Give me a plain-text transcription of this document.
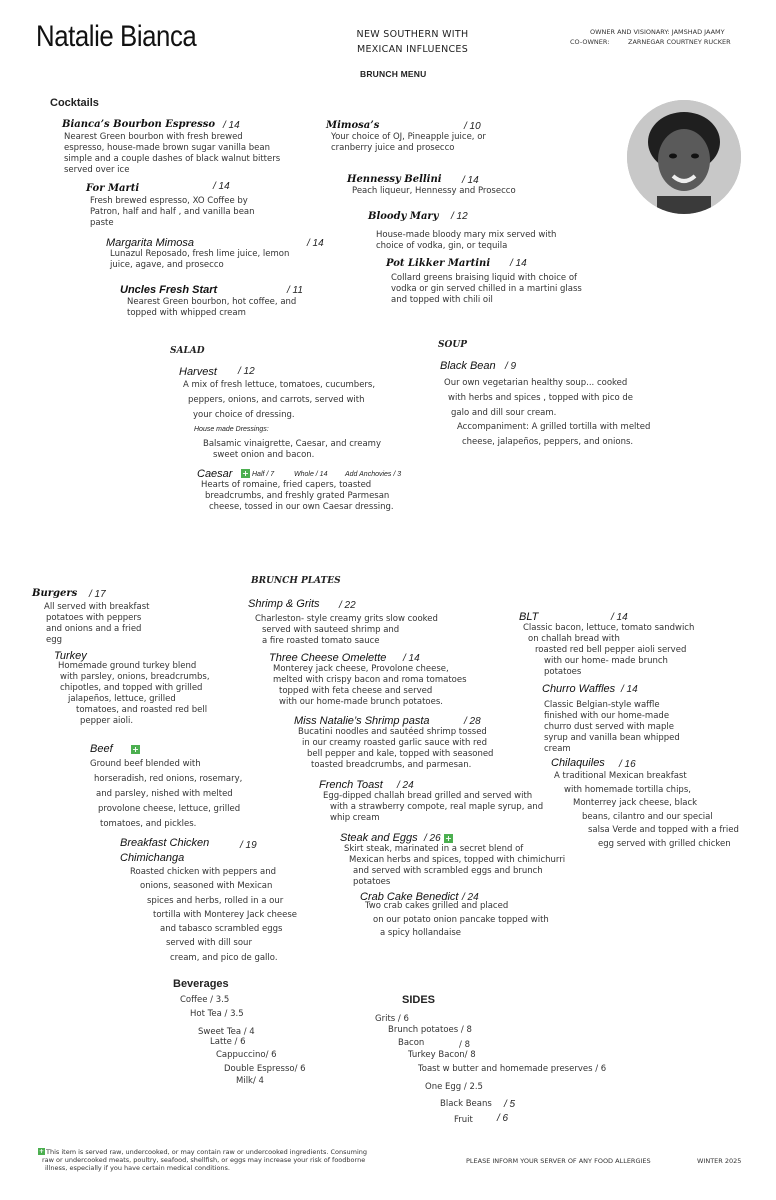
Natalie Bianca	NEW SOUTHERN WITH
MEXICAN INFLUENCES
OWNER AND VISIONARY: JAMSHAD JAAMY
CO-OWNER:	ZARNEGAR COURTNEY RUCKER
BRUNCH MENU
Cocktails
Bianca’s Bourbon Espresso / 14
Nearest Green bourbon with fresh brewed
espresso, house-made brown sugar vanilla bean
simple and a couple dashes of black walnut bitters
served over ice
For Marti	/ 14
Fresh brewed espresso, XO Coffee by
Patron, half and half , and vanilla bean
paste
Margarita Mimosa	/ 14
Lunazul Reposado, fresh lime juice, lemon
juice, agave, and prosecco
Uncles Fresh Start	/ 11
Nearest Green bourbon, hot coffee, and
topped with whipped cream
Mimosa’s	/ 10
Your choice of OJ, Pineapple juice, or
cranberry juice and prosecco
Hennessy Bellini / 14
Peach liqueur, Hennessy and Prosecco
Bloody Mary / 12
House-made bloody mary mix served with
choice of vodka, gin, or tequila
Pot Likker Martini / 14
Collard greens braising liquid with choice of
vodka or gin served chilled in a martini glass
and topped with chili oil
SALAD
Harvest / 12
A mix of fresh lettuce, tomatoes, cucumbers,
peppers, onions, and carrots, served with
your choice of dressing.
House made Dressings:
Balsamic vinaigrette, Caesar, and creamy
sweet onion and bacon.
Caesar + Half / 7	Whole / 14	Add Anchovies / 3
Hearts of romaine, fried capers, toasted
breadcrumbs, and freshly grated Parmesan
cheese, tossed in our own Caesar dressing.
SOUP
Black Bean / 9
Our own vegetarian healthy soup... cooked
with herbs and spices , topped with pico de
galo and dill sour cream.
Accompaniment: A grilled tortilla with melted
cheese, jalapeños, peppers, and onions.
Burgers / 17
All served with breakfast
potatoes with peppers
and onions and a fried
egg
Turkey
Homemade ground turkey blend
with parsley, onions, breadcrumbs,
chipotles, and topped with grilled
jalapeños, lettuce, grilled
tomatoes, and roasted red bell
pepper aioli.
Beef +
Ground beef blended with
horseradish, red onions, rosemary,
and parsley, nished with melted
provolone cheese, lettuce, grilled
tomatoes, and pickles.
Breakfast Chicken
Chimichanga
/ 19
Roasted chicken with peppers and
onions, seasoned with Mexican
spices and herbs, rolled in a our
tortilla with Monterey Jack cheese
and tabasco scrambled eggs
served with dill sour
cream, and pico de gallo.
BRUNCH PLATES
Shrimp & Grits / 22
Charleston- style creamy grits slow cooked
served with sauteed shrimp and
a fire roasted tomato sauce
Three Cheese Omelette / 14
Monterey jack cheese, Provolone cheese,
melted with crispy bacon and roma tomatoes
topped with feta cheese and served
with our home-made brunch potatoes.
Miss Natalie’s Shrimp pasta	/ 28
Bucatini noodles and sautéed shrimp tossed
in our creamy roasted garlic sauce with red
bell pepper and kale, topped with seasoned
toasted breadcrumbs, and parmesan.
French Toast / 24
Egg-dipped challah bread grilled and served with
with a strawberry compote, real maple syrup, and
whip cream
Steak and Eggs / 26 +
Skirt steak, marinated in a secret blend of
Mexican herbs and spices, topped with chimichurri
and served with scrambled eggs and brunch
potatoes
Crab Cake Benedict / 24
Two crab cakes grilled and placed
on our potato onion pancake topped with
a spicy hollandaise
BLT	/ 14
Classic bacon, lettuce, tomato sandwich
on challah bread with
roasted red bell pepper aioli served
with our home- made brunch
potatoes
Churro Waffles / 14
Classic Belgian-style waffle
finished with our home-made
churro dust served with maple
syrup and vanilla bean whipped
cream
Chilaquiles / 16
A traditional Mexican breakfast
with homemade tortilla chips,
Monterrey jack cheese, black
beans, cilantro and our special
salsa Verde and topped with a fried
egg served with grilled chicken
Beverages
Coffee / 3.5
Hot Tea / 3.5
Sweet Tea / 4
Latte / 6
Cappuccino/ 6
Double Espresso/ 6
Milk/ 4
SIDES
Grits / 6
Brunch potatoes / 8
Bacon	/ 8
Turkey Bacon/ 8
Toast w butter and homemade preserves / 6
One Egg / 2.5
Black Beans / 5
Fruit / 6
+ This item is served raw, undercooked, or may contain raw or undercooked ingredients. Consuming
raw or undercooked meats, poultry, seafood, shellfish, or eggs may increase your risk of foodborne
illness, especially if you have certain medical conditions.
PLEASE INFORM YOUR SERVER OF ANY FOOD ALLERGIES	WINTER 2025
